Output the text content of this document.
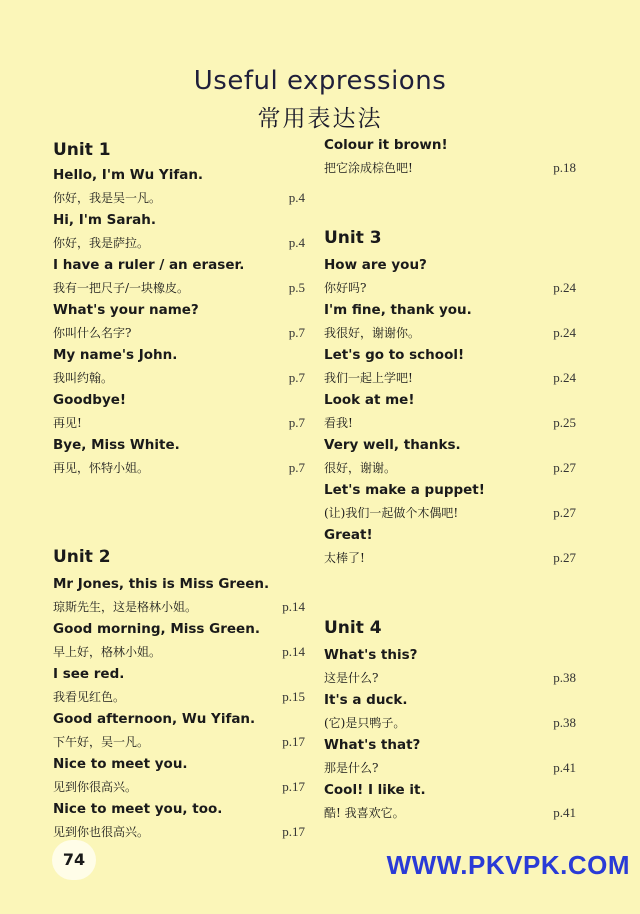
Useful expressions
常用表达法
Unit 1
Hello, I'm Wu Yifan.
你好，我是吴一凡。	p.4
Hi, I'm Sarah.
你好，我是萨拉。	p.4
I have a ruler / an eraser.
我有一把尺子/一块橡皮。	p.5
What's your name?
你叫什么名字?	p.7
My name's John.
我叫约翰。	p.7
Goodbye!
再见!	p.7
Bye, Miss White.
再见，怀特小姐。	p.7
Unit 2
Mr Jones, this is Miss Green.
琼斯先生，这是格林小姐。	p.14
Good morning, Miss Green.
早上好，格林小姐。	p.14
I see red.
我看见红色。	p.15
Good afternoon, Wu Yifan.
下午好，吴一凡。	p.17
Nice to meet you.
见到你很高兴。	p.17
Nice to meet you, too.
见到你也很高兴。	p.17
Colour it brown!
把它涂成棕色吧!	p.18
Unit 3
How are you?
你好吗?	p.24
I'm fine, thank you.
我很好，谢谢你。	p.24
Let's go to school!
我们一起上学吧!	p.24
Look at me!
看我!	p.25
Very well, thanks.
很好，谢谢。	p.27
Let's make a puppet!
(让)我们一起做个木偶吧!	p.27
Great!
太棒了!	p.27
Unit 4
What's this?
这是什么?	p.38
It's a duck.
(它)是只鸭子。	p.38
What's that?
那是什么?	p.41
Cool! I like it.
酷! 我喜欢它。	p.41
74	WWW.PKVPK.COM
